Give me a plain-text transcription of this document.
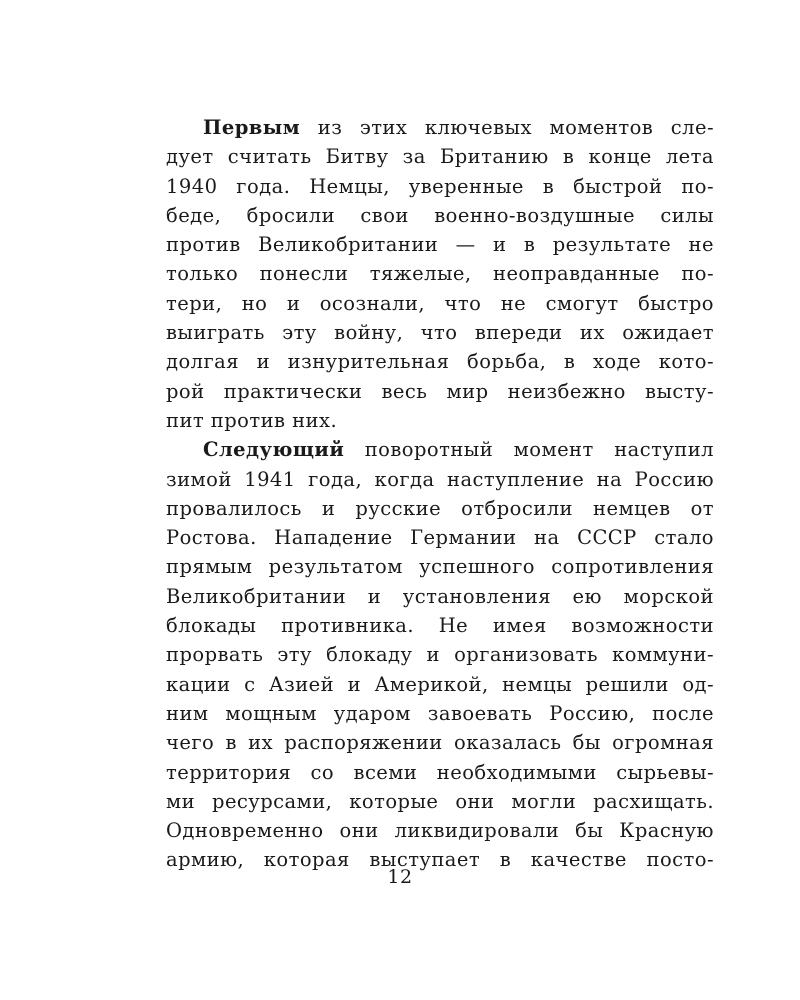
Первым из этих ключевых моментов сле-
дует считать Битву за Британию в конце лета
1940 года. Немцы, уверенные в быстрой по-
беде, бросили свои военно-воздушные силы
против Великобритании — и в результате не
только понесли тяжелые, неоправданные по-
тери, но и осознали, что не смогут быстро
выиграть эту войну, что впереди их ожидает
долгая и изнурительная борьба, в ходе кото-
рой практически весь мир неизбежно высту-
пит против них.
Следующий поворотный момент наступил
зимой 1941 года, когда наступление на Россию
провалилось и русские отбросили немцев от
Ростова. Нападение Германии на СССР стало
прямым результатом успешного сопротивления
Великобритании и установления ею морской
блокады противника. Не имея возможности
прорвать эту блокаду и организовать коммуни-
кации с Азией и Америкой, немцы решили од-
ним мощным ударом завоевать Россию, после
чего в их распоряжении оказалась бы огромная
территория со всеми необходимыми сырьевы-
ми ресурсами, которые они могли расхищать.
Одновременно они ликвидировали бы Красную
армию, которая выступает в качестве посто-
12
